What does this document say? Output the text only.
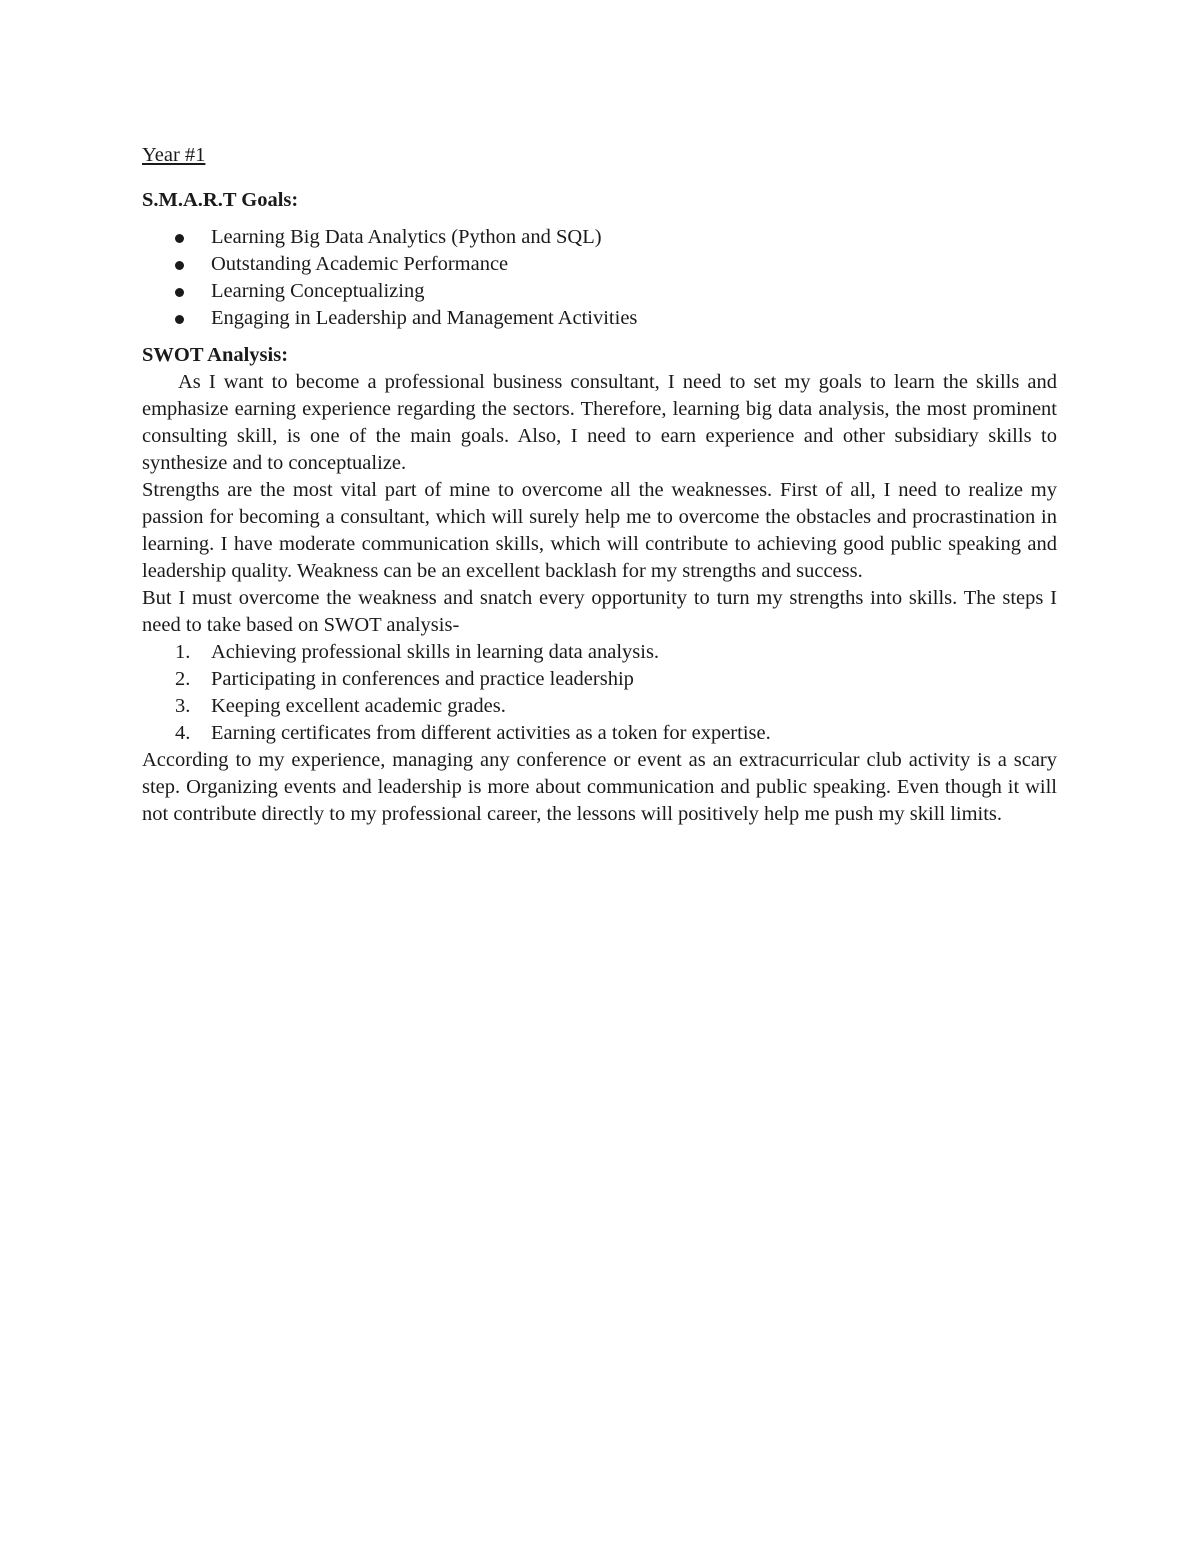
Year #1

S.M.A.R.T Goals:

Learning Big Data Analytics (Python and SQL)
Outstanding Academic Performance
Learning Conceptualizing
Engaging in Leadership and Management Activities

SWOT Analysis:

As I want to become a professional business consultant, I need to set my goals to learn the skills and emphasize earning experience regarding the sectors. Therefore, learning big data analysis, the most prominent consulting skill, is one of the main goals. Also, I need to earn experience and other subsidiary skills to synthesize and to conceptualize.

Strengths are the most vital part of mine to overcome all the weaknesses. First of all, I need to realize my passion for becoming a consultant, which will surely help me to overcome the obstacles and procrastination in learning. I have moderate communication skills, which will contribute to achieving good public speaking and leadership quality. Weakness can be an excellent backlash for my strengths and success.

But I must overcome the weakness and snatch every opportunity to turn my strengths into skills. The steps I need to take based on SWOT analysis-

1. Achieving professional skills in learning data analysis.
2. Participating in conferences and practice leadership
3. Keeping excellent academic grades.
4. Earning certificates from different activities as a token for expertise.

According to my experience, managing any conference or event as an extracurricular club activity is a scary step. Organizing events and leadership is more about communication and public speaking. Even though it will not contribute directly to my professional career, the lessons will positively help me push my skill limits.
